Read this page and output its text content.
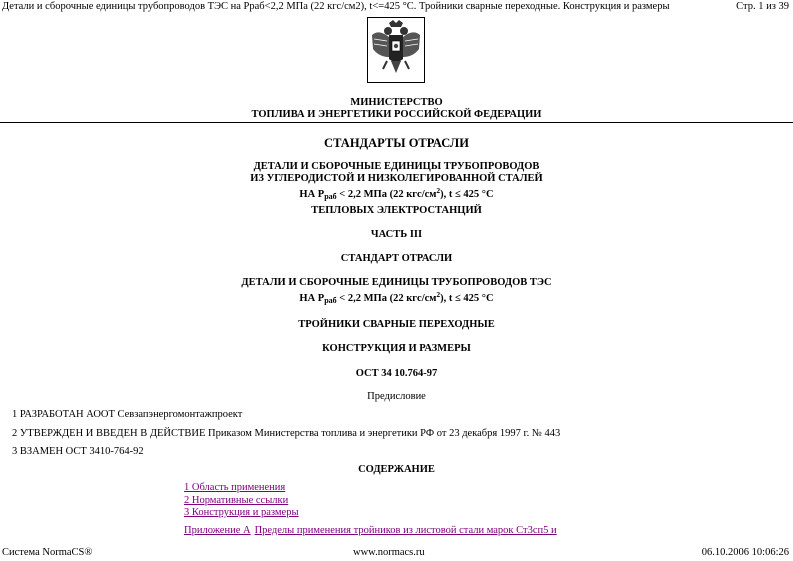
Детали и сборочные единицы трубопроводов ТЭС на Рраб<2,2 МПа (22 кгс/см2), t<=425 °С. Тройники сварные переходные. Конструкция и размеры	Стр. 1 из 39
МИНИСТЕРСТВО
ТОПЛИВА И ЭНЕРГЕТИКИ РОССИЙСКОЙ ФЕДЕРАЦИИ
СТАНДАРТЫ ОТРАСЛИ
ДЕТАЛИ И СБОРОЧНЫЕ ЕДИНИЦЫ ТРУБОПРОВОДОВ
ИЗ УГЛЕРОДИСТОЙ И НИЗКОЛЕГИРОВАННОЙ СТАЛЕЙ
НА $Р_{раб} < 2,2$ МПа (22 кгс/$см^2$), t ≤ 425 °С
ТЕПЛОВЫХ ЭЛЕКТРОСТАНЦИЙ
ЧАСТЬ III
СТАНДАРТ ОТРАСЛИ
ДЕТАЛИ И СБОРОЧНЫЕ ЕДИНИЦЫ ТРУБОПРОВОДОВ ТЭС
НА $Р_{раб} < 2,2$ МПа (22 кгс/$см^2$), t ≤ 425 °С
ТРОЙНИКИ СВАРНЫЕ ПЕРЕХОДНЫЕ
КОНСТРУКЦИЯ И РАЗМЕРЫ
ОСТ 34 10.764-97
Предисловие
1 РАЗРАБОТАН АООТ Севзапэнергомонтажпроект
2 УТВЕРЖДЕН И ВВЕДЕН В ДЕЙСТВИЕ Приказом Министерства топлива и энергетики РФ от 23 декабря 1997 г. № 443
3 ВЗАМЕН ОСТ 3410-764-92
СОДЕРЖАНИЕ
1 Область применения
2 Нормативные ссылки
3 Конструкция и размеры
Приложение А Пределы применения тройников из листовой стали марок Ст3сп5 и
Система NormaCS®	www.normacs.ru	06.10.2006 10:06:26
